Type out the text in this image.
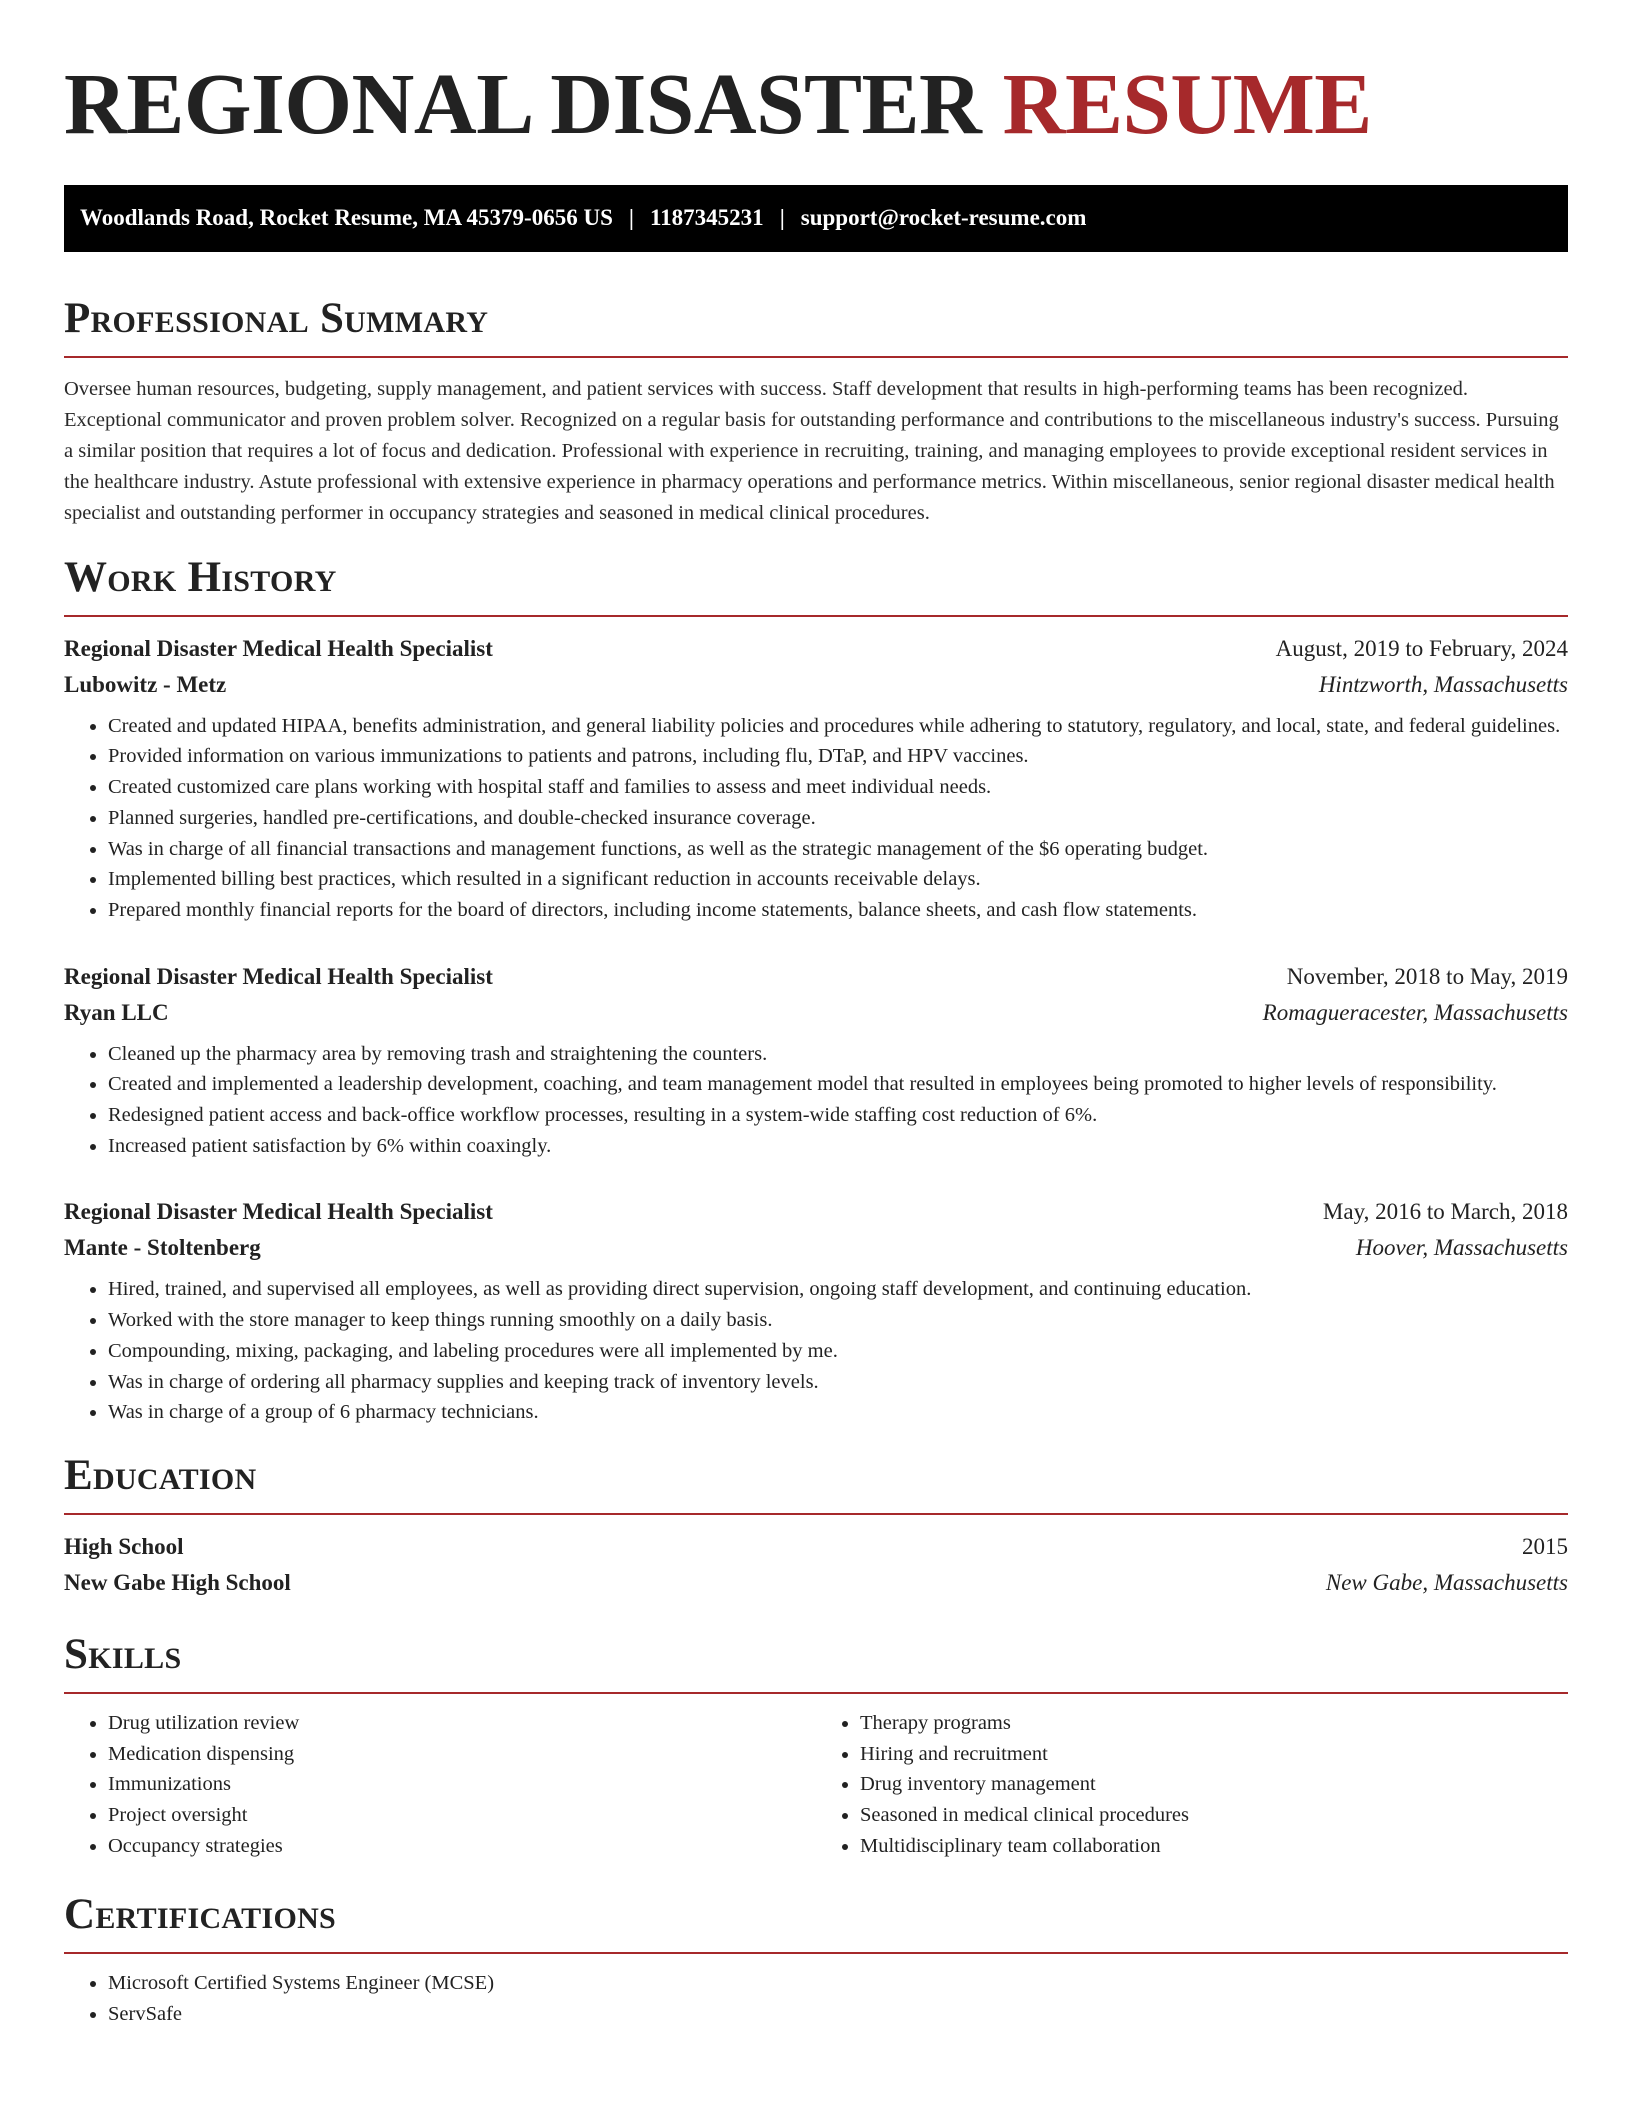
REGIONAL DISASTER RESUME
Woodlands Road, Rocket Resume, MA 45379-0656 US | 1187345231 | support@rocket-resume.com
Professional Summary

Oversee human resources, budgeting, supply management, and patient services with success. Staff development that results in high-performing teams has been recognized. Exceptional communicator and proven problem solver. Recognized on a regular basis for outstanding performance and contributions to the miscellaneous industry's success. Pursuing a similar position that requires a lot of focus and dedication. Professional with experience in recruiting, training, and managing employees to provide exceptional resident services in the healthcare industry. Astute professional with extensive experience in pharmacy operations and performance metrics. Within miscellaneous, senior regional disaster medical health specialist and outstanding performer in occupancy strategies and seasoned in medical clinical procedures.

Work History
Regional Disaster Medical Health Specialist	August, 2019 to February, 2024
Lubowitz - Metz	Hintzworth, Massachusetts
• Created and updated HIPAA, benefits administration, and general liability policies and procedures while adhering to statutory, regulatory, and local, state, and federal guidelines.
• Provided information on various immunizations to patients and patrons, including flu, DTaP, and HPV vaccines.
• Created customized care plans working with hospital staff and families to assess and meet individual needs.
• Planned surgeries, handled pre-certifications, and double-checked insurance coverage.
• Was in charge of all financial transactions and management functions, as well as the strategic management of the $6 operating budget.
• Implemented billing best practices, which resulted in a significant reduction in accounts receivable delays.
• Prepared monthly financial reports for the board of directors, including income statements, balance sheets, and cash flow statements.
Regional Disaster Medical Health Specialist	November, 2018 to May, 2019
Ryan LLC	Romagueracester, Massachusetts
• Cleaned up the pharmacy area by removing trash and straightening the counters.
• Created and implemented a leadership development, coaching, and team management model that resulted in employees being promoted to higher levels of responsibility.
• Redesigned patient access and back-office workflow processes, resulting in a system-wide staffing cost reduction of 6%.
• Increased patient satisfaction by 6% within coaxingly.
Regional Disaster Medical Health Specialist	May, 2016 to March, 2018
Mante - Stoltenberg	Hoover, Massachusetts
• Hired, trained, and supervised all employees, as well as providing direct supervision, ongoing staff development, and continuing education.
• Worked with the store manager to keep things running smoothly on a daily basis.
• Compounding, mixing, packaging, and labeling procedures were all implemented by me.
• Was in charge of ordering all pharmacy supplies and keeping track of inventory levels.
• Was in charge of a group of 6 pharmacy technicians.
Education
High School	2015
New Gabe High School	New Gabe, Massachusetts
Skills
• Drug utilization review
• Medication dispensing
• Immunizations
• Project oversight
• Occupancy strategies
• Therapy programs
• Hiring and recruitment
• Drug inventory management
• Seasoned in medical clinical procedures
• Multidisciplinary team collaboration
Certifications
• Microsoft Certified Systems Engineer (MCSE)
• ServSafe
